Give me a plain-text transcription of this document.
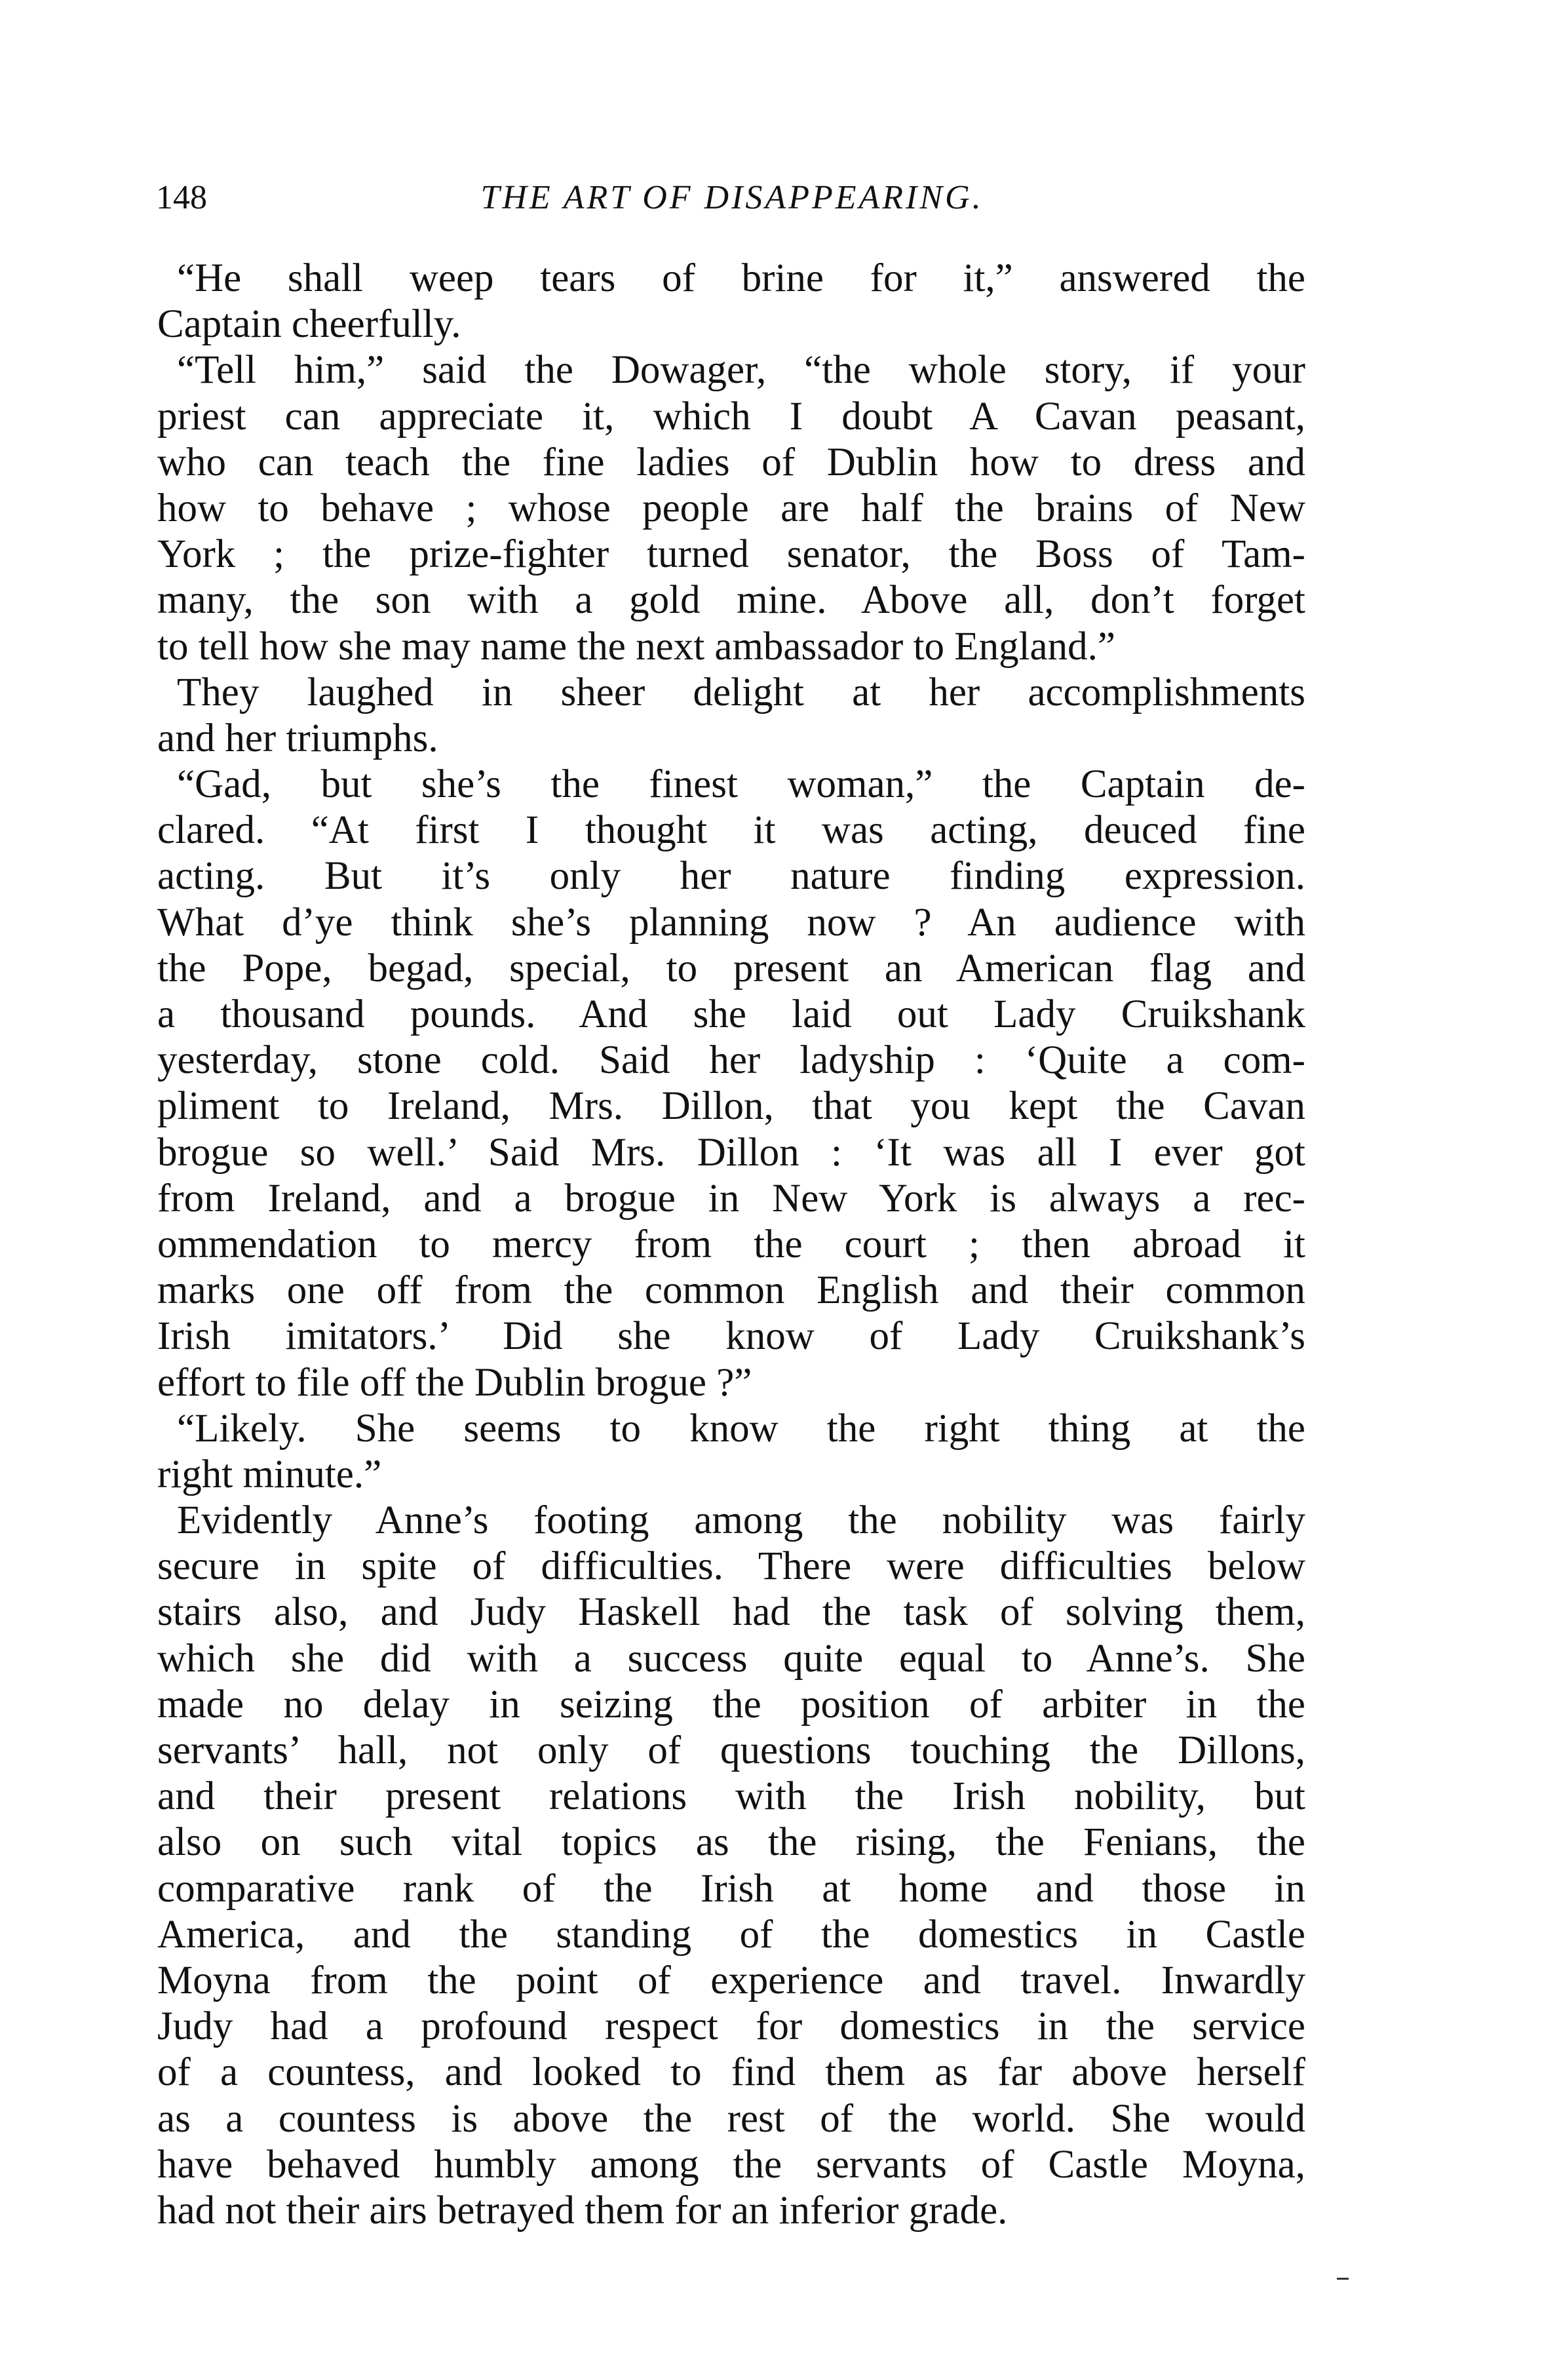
148	THE ART OF DISAPPEARING.
“He shall weep tears of brine for it,” answered the
Captain cheerfully.
“Tell him,” said the Dowager, “the whole story, if your
priest can appreciate it, which I doubt A Cavan peasant,
who can teach the fine ladies of Dublin how to dress and
how to behave ; whose people are half the brains of New
York ; the prize-fighter turned senator, the Boss of Tam-
many, the son with a gold mine. Above all, don’t forget
to tell how she may name the next ambassador to England.”
They laughed in sheer delight at her accomplishments
and her triumphs.
“Gad, but she’s the finest woman,” the Captain de-
clared. “At first I thought it was acting, deuced fine
acting. But it’s only her nature finding expression.
What d’ye think she’s planning now ? An audience with
the Pope, begad, special, to present an American flag and
a thousand pounds. And she laid out Lady Cruikshank
yesterday, stone cold. Said her ladyship : ‘Quite a com-
pliment to Ireland, Mrs. Dillon, that you kept the Cavan
brogue so well.’ Said Mrs. Dillon : ‘It was all I ever got
from Ireland, and a brogue in New York is always a rec-
ommendation to mercy from the court ; then abroad it
marks one off from the common English and their common
Irish imitators.’ Did she know of Lady Cruikshank’s
effort to file off the Dublin brogue ?”
“Likely. She seems to know the right thing at the
right minute.”
Evidently Anne’s footing among the nobility was fairly
secure in spite of difficulties. There were difficulties below
stairs also, and Judy Haskell had the task of solving them,
which she did with a success quite equal to Anne’s. She
made no delay in seizing the position of arbiter in the
servants’ hall, not only of questions touching the Dillons,
and their present relations with the Irish nobility, but
also on such vital topics as the rising, the Fenians, the
comparative rank of the Irish at home and those in
America, and the standing of the domestics in Castle
Moyna from the point of experience and travel. Inwardly
Judy had a profound respect for domestics in the service
of a countess, and looked to find them as far above herself
as a countess is above the rest of the world. She would
have behaved humbly among the servants of Castle Moyna,
had not their airs betrayed them for an inferior grade.
